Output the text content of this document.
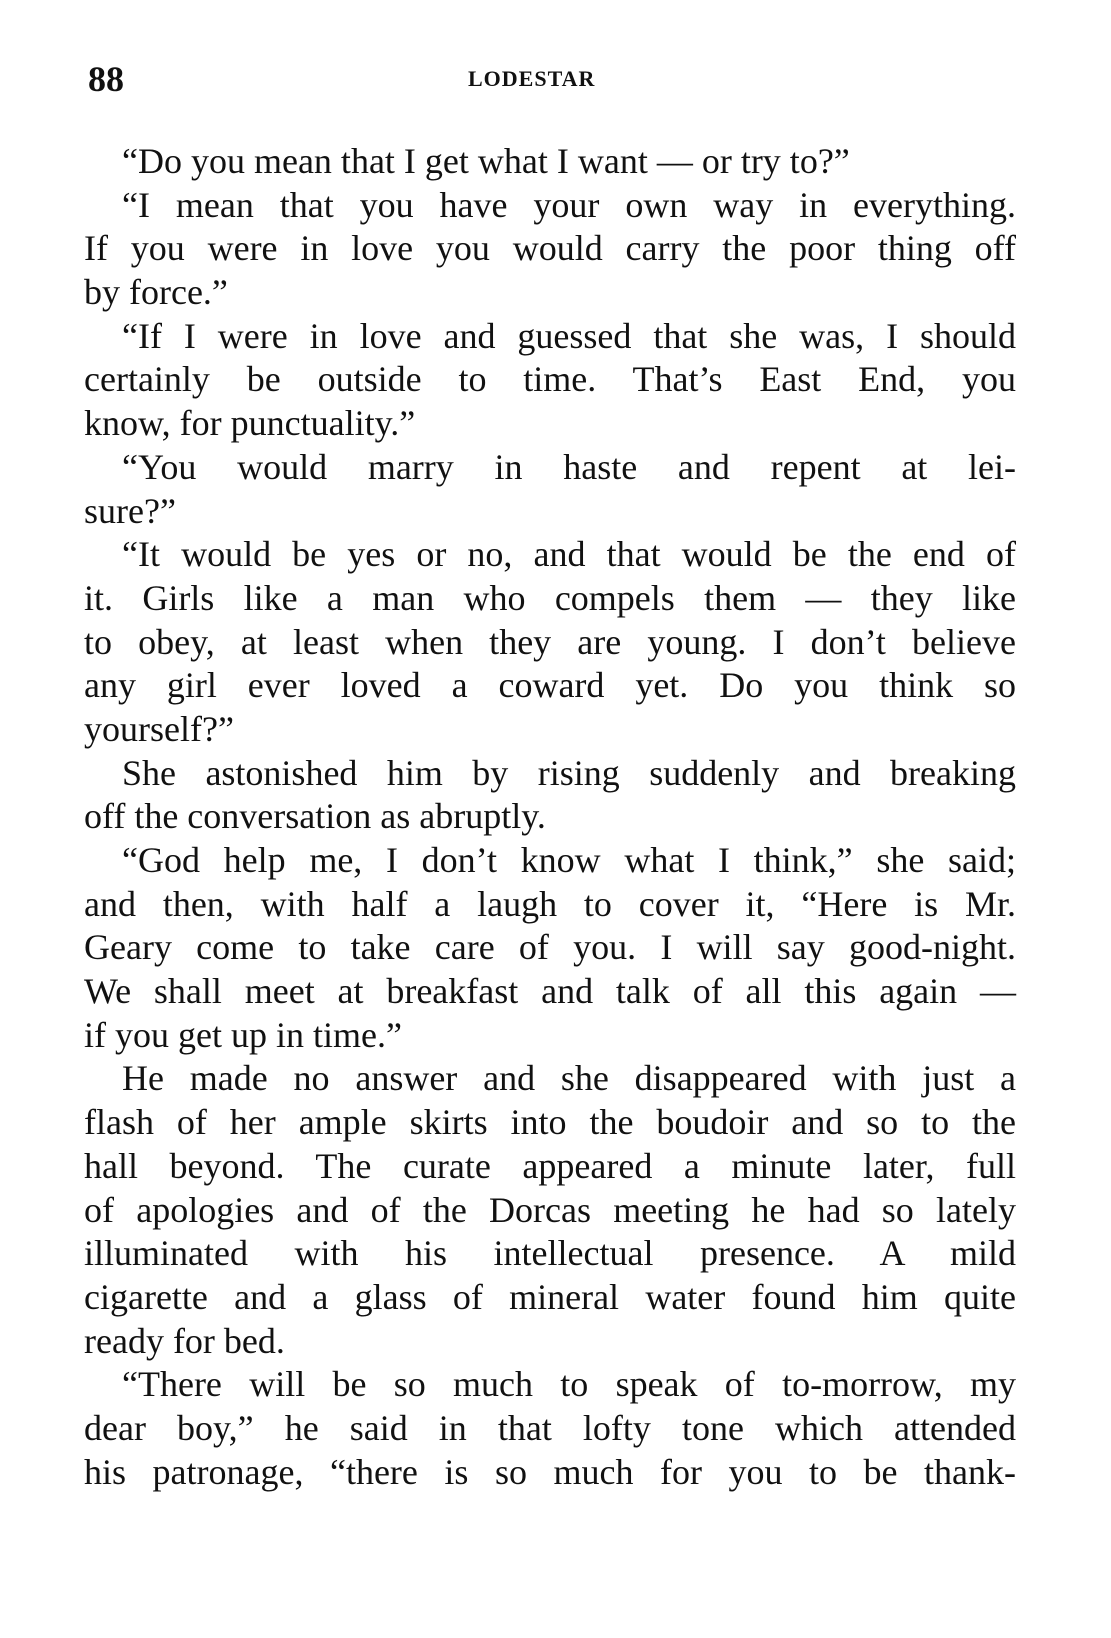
88	LODESTAR
“Do you mean that I get what I want — or try to?”
“I mean that you have your own way in everything.
If you were in love you would carry the poor thing off
by force.”
“If I were in love and guessed that she was, I should
certainly be outside to time. That’s East End, you
know, for punctuality.”
“You would marry in haste and repent at lei-
sure?”
“It would be yes or no, and that would be the end of
it. Girls like a man who compels them — they like
to obey, at least when they are young. I don’t believe
any girl ever loved a coward yet. Do you think so
yourself?”
She astonished him by rising suddenly and breaking
off the conversation as abruptly.
“God help me, I don’t know what I think,” she said;
and then, with half a laugh to cover it, “Here is Mr.
Geary come to take care of you. I will say good-night.
We shall meet at breakfast and talk of all this again —
if you get up in time.”
He made no answer and she disappeared with just a
flash of her ample skirts into the boudoir and so to the
hall beyond. The curate appeared a minute later, full
of apologies and of the Dorcas meeting he had so lately
illuminated with his intellectual presence. A mild
cigarette and a glass of mineral water found him quite
ready for bed.
“There will be so much to speak of to-morrow, my
dear boy,” he said in that lofty tone which attended
his patronage, “there is so much for you to be thank-
